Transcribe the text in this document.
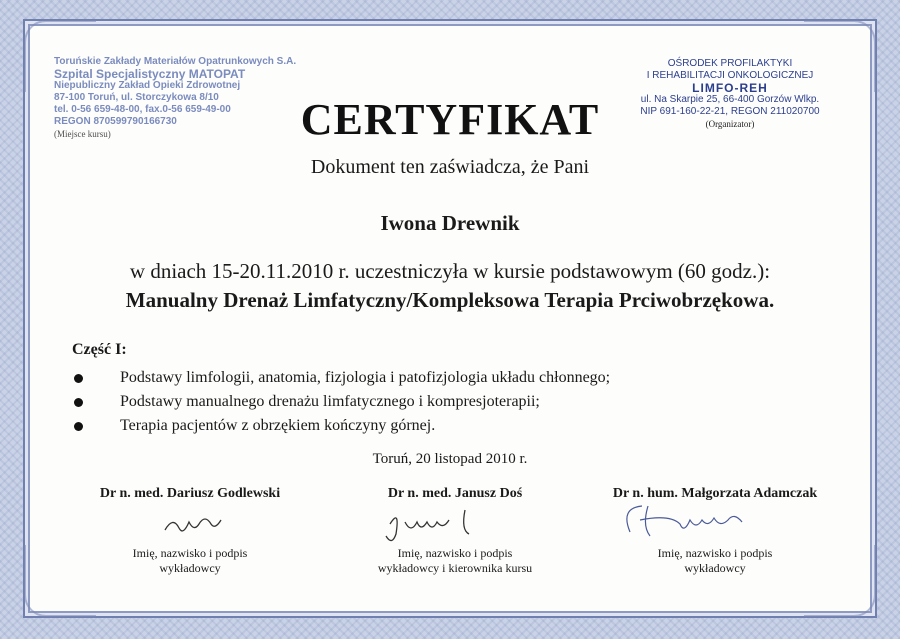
Toruńskie Zakłady Materiałów Opatrunkowych S.A.
Szpital Specjalistyczny MATOPAT
Niepubliczny Zakład Opieki Zdrowotnej
87-100 Toruń, ul. Storczykowa 8/10
tel. 0-56 659-48-00, fax.0-56 659-49-00
REGON 870599790166730
(Miejsce kursu)
OŚRODEK PROFILAKTYKI
I REHABILITACJI ONKOLOGICZNEJ
LIMFO-REH
ul. Na Skarpie 25, 66-400 Gorzów Wlkp.
NIP 691-160-22-21, REGON 211020700
(Organizator)
CERTYFIKAT
Dokument ten zaświadcza, że Pani
Iwona Drewnik
w dniach 15-20.11.2010 r. uczestniczyła w kursie podstawowym (60 godz.):
Manualny Drenaż Limfatyczny/Kompleksowa Terapia Prciwobrzękowa.
Część I:
Podstawy limfologii, anatomia, fizjologia i patofizjologia układu chłonnego;
Podstawy manualnego drenażu limfatycznego i kompresjoterapii;
Terapia pacjentów z obrzękiem kończyny górnej.
Toruń, 20 listopad 2010 r.
Dr n. med. Dariusz Godlewski
Imię, nazwisko i podpis
wykładowcy
Dr n. med. Janusz Doś
Imię, nazwisko i podpis
wykładowcy i kierownika kursu
Dr n. hum. Małgorzata Adamczak
Imię, nazwisko i podpis
wykładowcy
